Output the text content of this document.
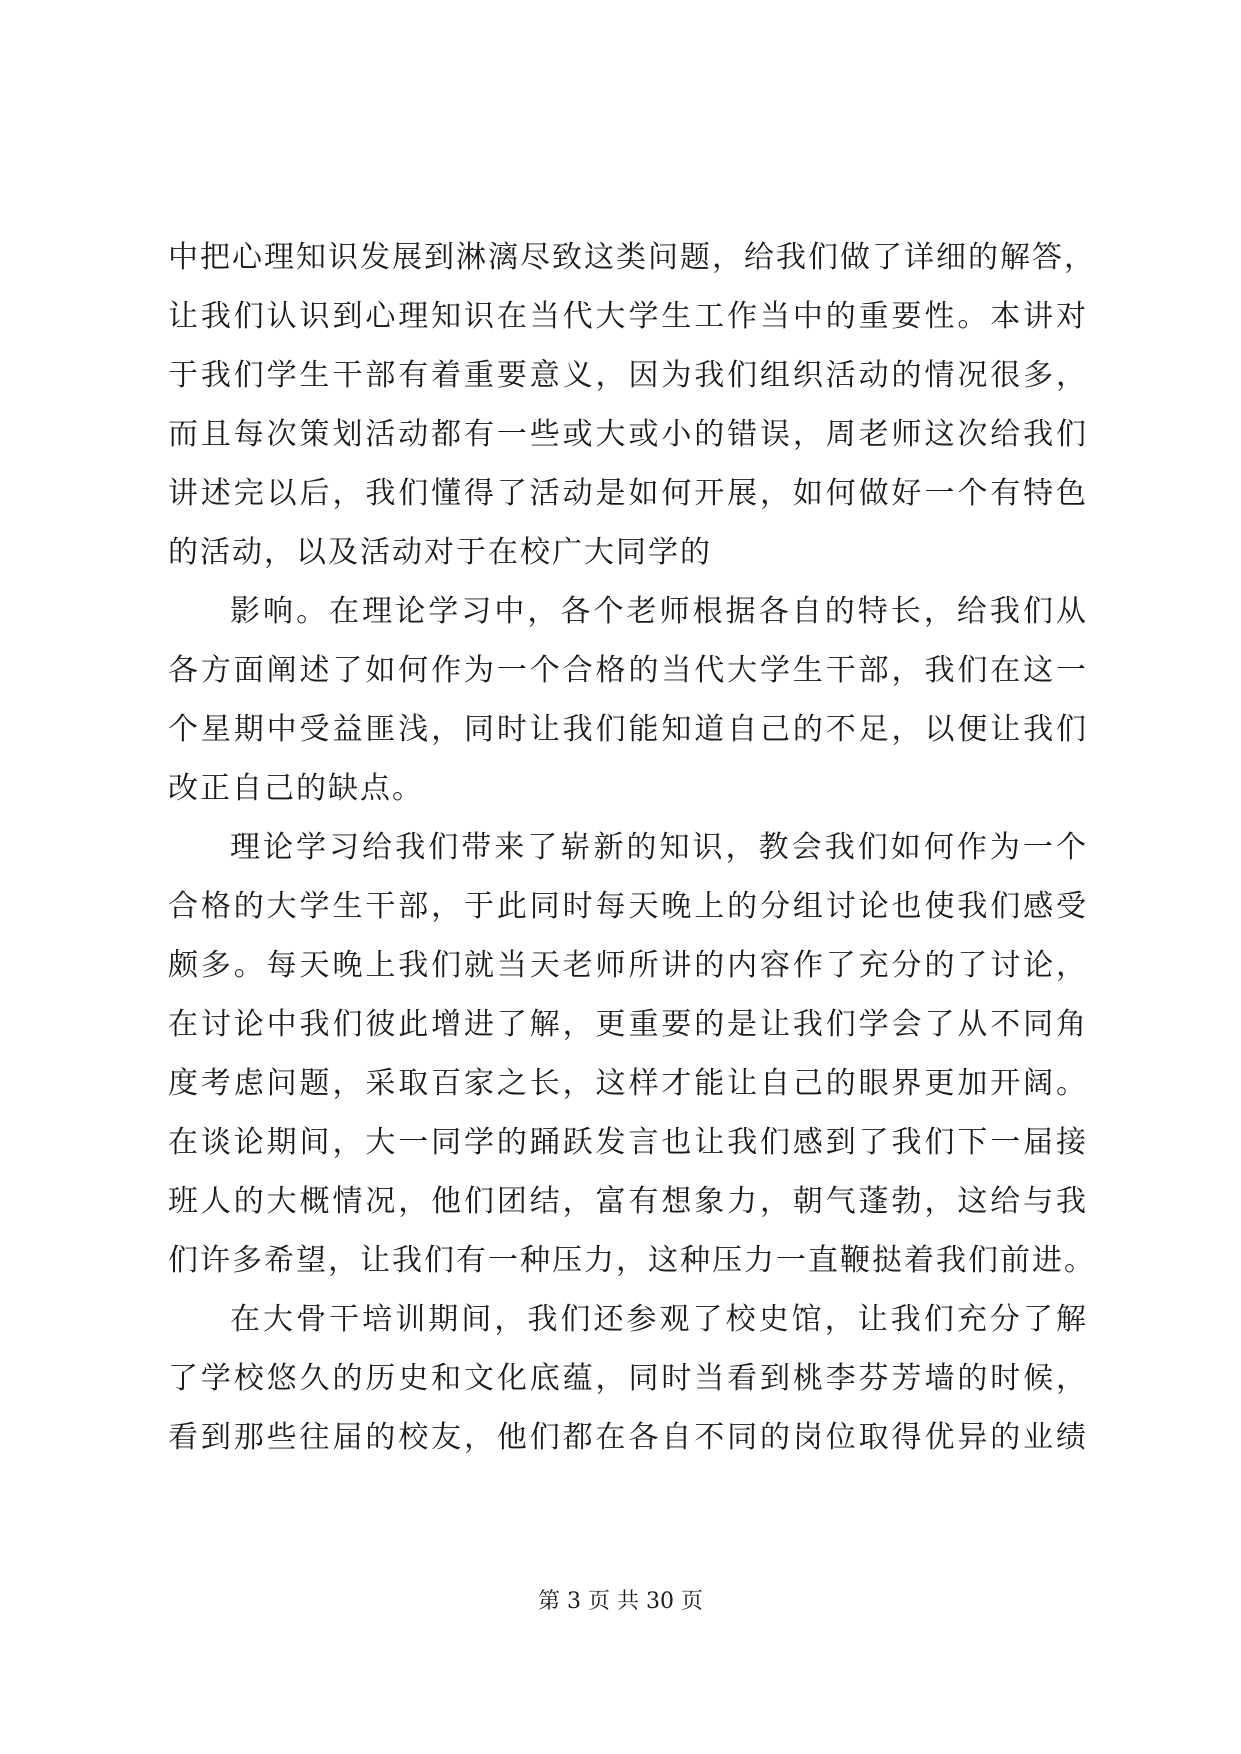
中把心理知识发展到淋漓尽致这类问题，给我们做了详细的解答，
让我们认识到心理知识在当代大学生工作当中的重要性。本讲对
于我们学生干部有着重要意义，因为我们组织活动的情况很多，
而且每次策划活动都有一些或大或小的错误，周老师这次给我们
讲述完以后，我们懂得了活动是如何开展，如何做好一个有特色
的活动，以及活动对于在校广大同学的
影响。在理论学习中，各个老师根据各自的特长，给我们从
各方面阐述了如何作为一个合格的当代大学生干部，我们在这一
个星期中受益匪浅，同时让我们能知道自己的不足，以便让我们
改正自己的缺点。
理论学习给我们带来了崭新的知识，教会我们如何作为一个
合格的大学生干部，于此同时每天晚上的分组讨论也使我们感受
颇多。每天晚上我们就当天老师所讲的内容作了充分的了讨论，
在讨论中我们彼此增进了解，更重要的是让我们学会了从不同角
度考虑问题，采取百家之长，这样才能让自己的眼界更加开阔。
在谈论期间，大一同学的踊跃发言也让我们感到了我们下一届接
班人的大概情况，他们团结，富有想象力，朝气蓬勃，这给与我
们许多希望，让我们有一种压力，这种压力一直鞭挞着我们前进。
在大骨干培训期间，我们还参观了校史馆，让我们充分了解
了学校悠久的历史和文化底蕴，同时当看到桃李芬芳墙的时候，
看到那些往届的校友，他们都在各自不同的岗位取得优异的业绩
第 3 页 共 30 页
